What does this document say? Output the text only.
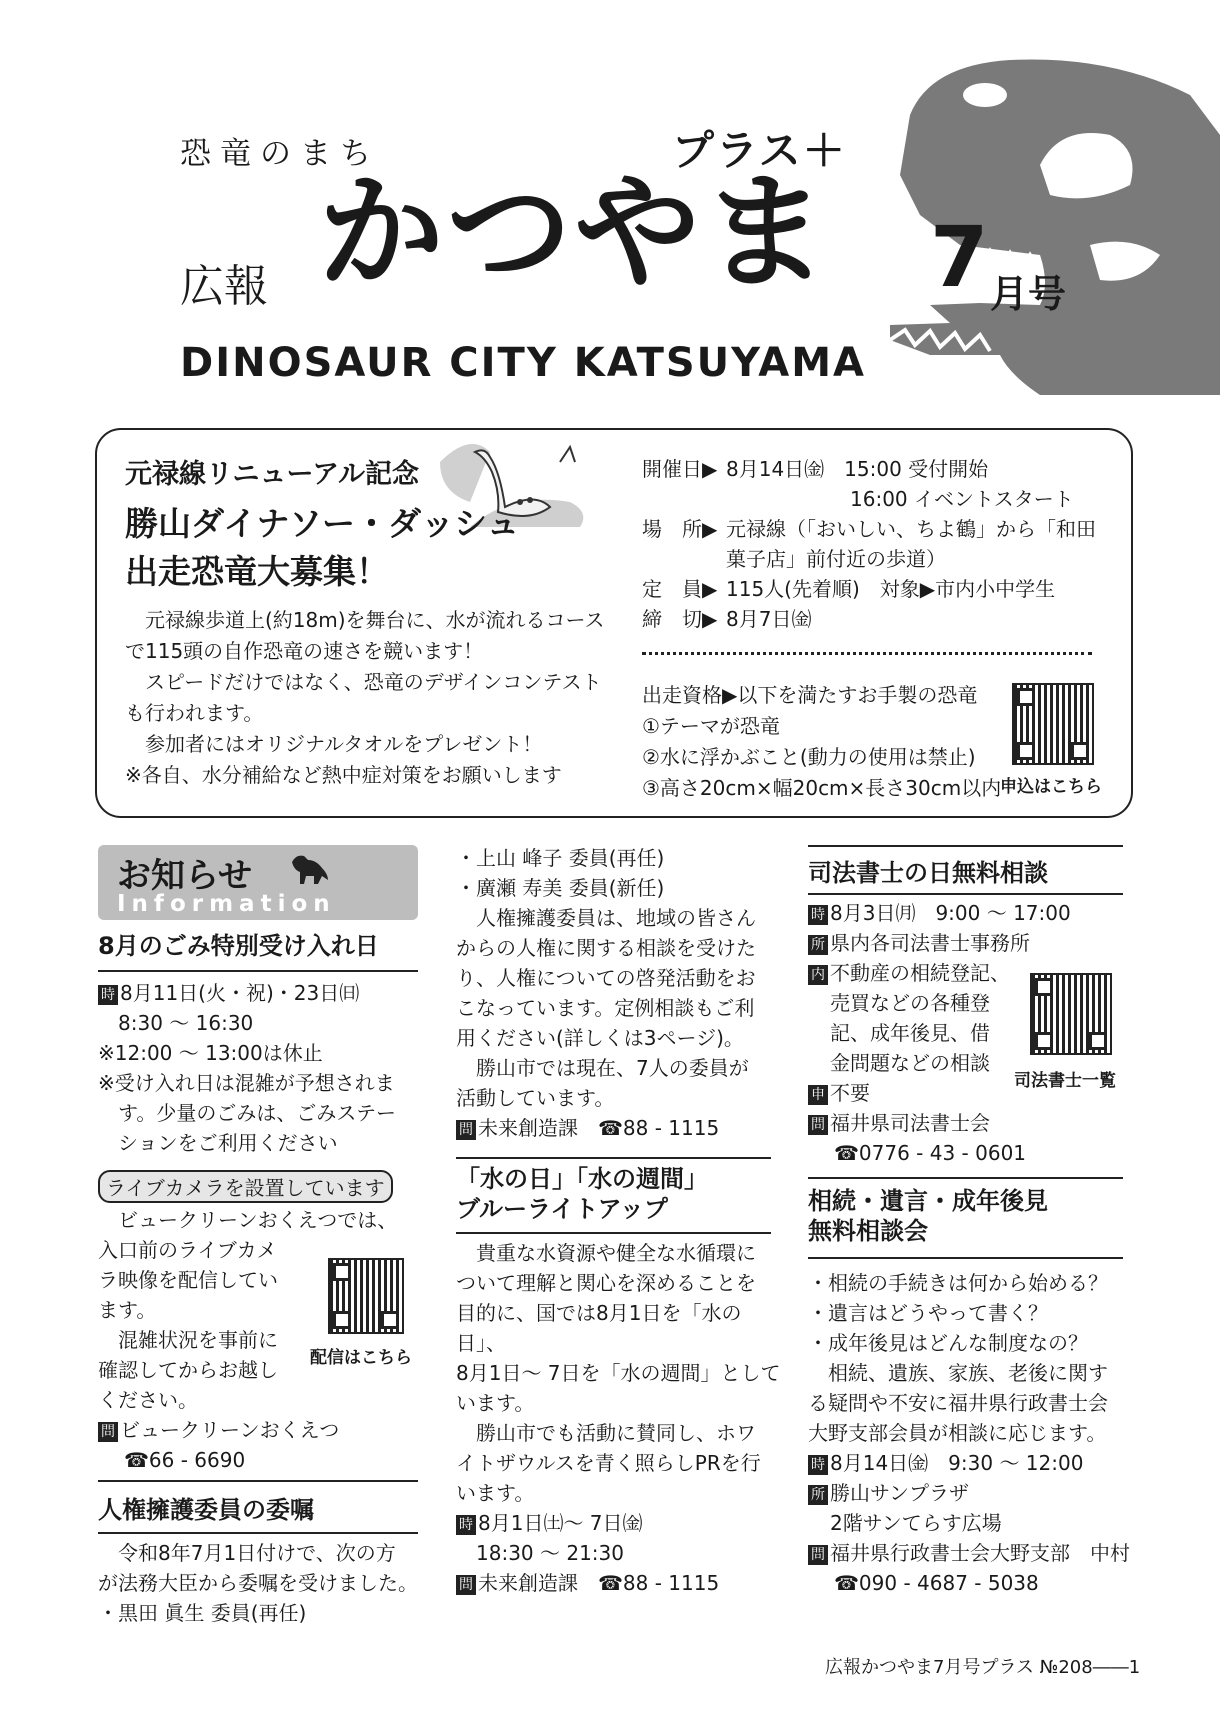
恐竜のまち	プラス＋
広報 かつやま 7 月号
DINOSAUR CITY KATSUYAMA
元禄線リニューアル記念
勝山ダイナソー・ダッシュ
出走恐竜大募集！

元禄線歩道上(約18m)を舞台に、水が流れるコースで115頭の自作恐竜の速さを競います！

スピードだけではなく、恐竜のデザインコンテストも行われます。

参加者にはオリジナルタオルをプレゼント！

※各自、水分補給など熱中症対策をお願いします

開催日▶ 8月14日㈮　15:00 受付開始
16:00 イベントスタート
場　所▶ 元禄線（「おいしい、ちよ鶴」から「和田
菓子店」前付近の歩道）
定　員▶ 115人(先着順)　対象▶市内小中学生
締　切▶ 8月7日㈮
出走資格▶以下を満たすお手製の恐竜
①テーマが恐竜
②水に浮かぶこと(動力の使用は禁止)
③高さ20cm×幅20cm×長さ30cm以内
申込はこちら
お知らせ
Information
8月のごみ特別受け入れ日

時 8月11日(火・祝)・23日㈰

8:30 ～ 16:30

※12:00 ～ 13:00は休止

※受け入れ日は混雑が予想されま

す。少量のごみは、ごみステー

ションをご利用ください

ライブカメラを設置しています

ビュークリーンおくえつでは、

入口前のライブカメ

ラ映像を配信してい

ます。

混雑状況を事前に

確認してからお越し

ください。

問 ビュークリーンおくえつ

☎66 - 6690

配信はこちら
人権擁護委員の委嘱

令和8年7月1日付けで、次の方

が法務大臣から委嘱を受けました。

・黒田 眞生 委員(再任)

・上山 峰子 委員(再任)

・廣瀬 寿美 委員(新任)

人権擁護委員は、地域の皆さん

からの人権に関する相談を受けた

り、人権についての啓発活動をお

こなっています。定例相談もご利

用ください(詳しくは3ページ)。

勝山市では現在、7人の委員が

活動しています。

問 未来創造課　☎88 - 1115

「水の日」「水の週間」
ブルーライトアップ

貴重な水資源や健全な水循環に

ついて理解と関心を深めることを

目的に、国では8月1日を「水の日」、

8月1日～ 7日を「水の週間」として

います。

勝山市でも活動に賛同し、ホワ

イトザウルスを青く照らしPRを行

います。

時 8月1日㈯～ 7日㈮

18:30 ～ 21:30

問 未来創造課　☎88 - 1115

司法書士の日無料相談

時 8月3日㈪　9:00 ～ 17:00

所 県内各司法書士事務所

内 不動産の相続登記、

売買などの各種登

記、成年後見、借

金問題などの相談

申 不要

問 福井県司法書士会

☎0776 - 43 - 0601

司法書士一覧
相続・遺言・成年後見
無料相談会

・相続の手続きは何から始める？

・遺言はどうやって書く？

・成年後見はどんな制度なの？

相続、遺族、家族、老後に関す

る疑問や不安に福井県行政書士会

大野支部会員が相談に応じます。

時 8月14日㈮　9:30 ～ 12:00

所 勝山サンプラザ

2階サンてらす広場

問 福井県行政書士会大野支部　中村

☎090 - 4687 - 5038

広報かつやま7月号プラス №208――1
